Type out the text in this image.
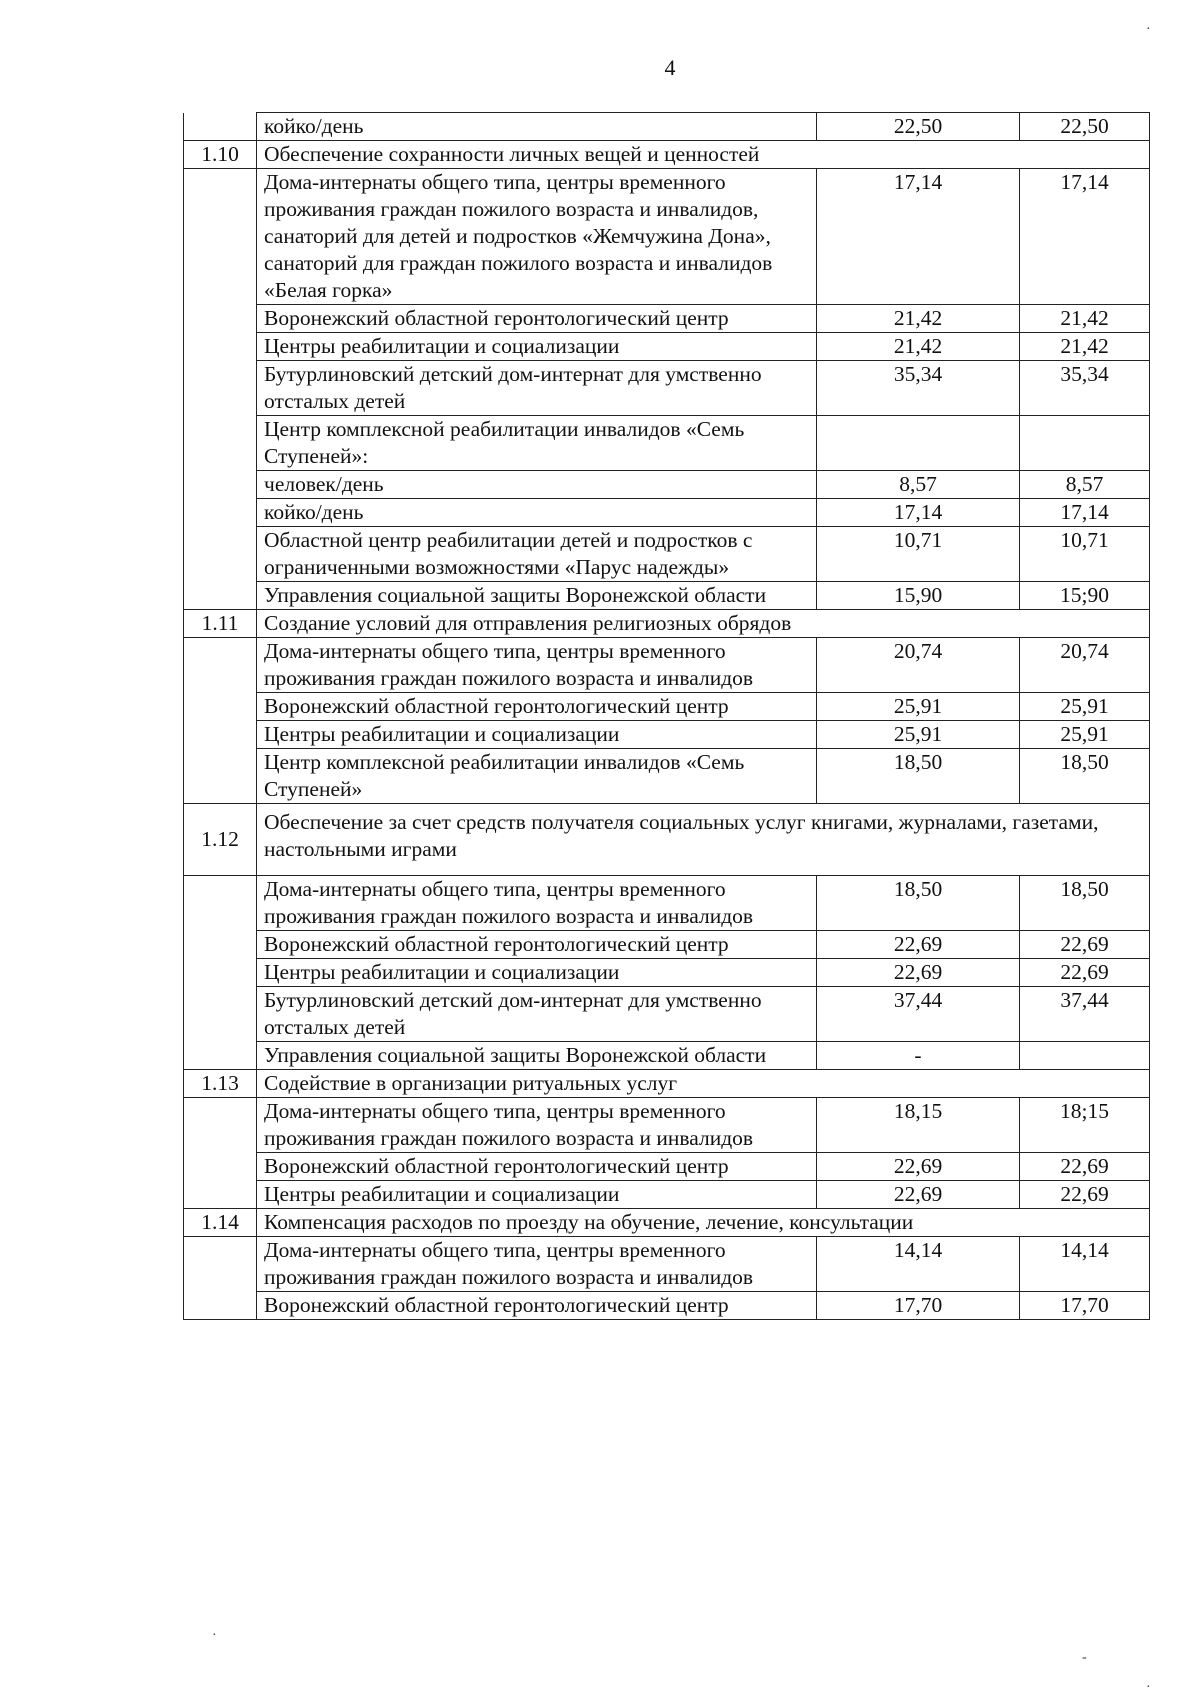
4
	койко/день	22,50	22,50
1.10	Обеспечение сохранности личных вещей и ценностей		
	Дома-интернаты общего типа, центры временного проживания граждан пожилого возраста и инвалидов, санаторий для детей и подростков «Жемчужина Дона», санаторий для граждан пожилого возраста и инвалидов «Белая горка»	17,14	17,14
	Воронежский областной геронтологический центр	21,42	21,42
	Центры реабилитации и социализации	21,42	21,42
	Бутурлиновский детский дом-интернат для умственно отсталых детей	35,34	35,34
	Центр комплексной реабилитации инвалидов «Семь Ступеней»:		
	человек/день	8,57	8,57
	койко/день	17,14	17,14
	Областной центр реабилитации детей и подростков с ограниченными возможностями «Парус надежды»	10,71	10,71
	Управления социальной защиты Воронежской области	15,90	15;90
1.11	Создание условий для отправления религиозных обрядов		
	Дома-интернаты общего типа, центры временного проживания граждан пожилого возраста и инвалидов	20,74	20,74
	Воронежский областной геронтологический центр	25,91	25,91
	Центры реабилитации и социализации	25,91	25,91
	Центр комплексной реабилитации инвалидов «Семь Ступеней»	18,50	18,50
1.12	Обеспечение за счет средств получателя социальных услуг книгами, журналами, газетами, настольными играми		
	Дома-интернаты общего типа, центры временного проживания граждан пожилого возраста и инвалидов	18,50	18,50
	Воронежский областной геронтологический центр	22,69	22,69
	Центры реабилитации и социализации	22,69	22,69
	Бутурлиновский детский дом-интернат для умственно отсталых детей	37,44	37,44
	Управления социальной защиты Воронежской области	-	
1.13	Содействие в организации ритуальных услуг		
	Дома-интернаты общего типа, центры временного проживания граждан пожилого возраста и инвалидов	18,15	18;15
	Воронежский областной геронтологический центр	22,69	22,69
	Центры реабилитации и социализации	22,69	22,69
1.14	Компенсация расходов по проезду на обучение, лечение, консультации		
	Дома-интернаты общего типа, центры временного проживания граждан пожилого возраста и инвалидов	14,14	14,14
	Воронежский областной геронтологический центр	17,70	17,70
·
-
·
·
